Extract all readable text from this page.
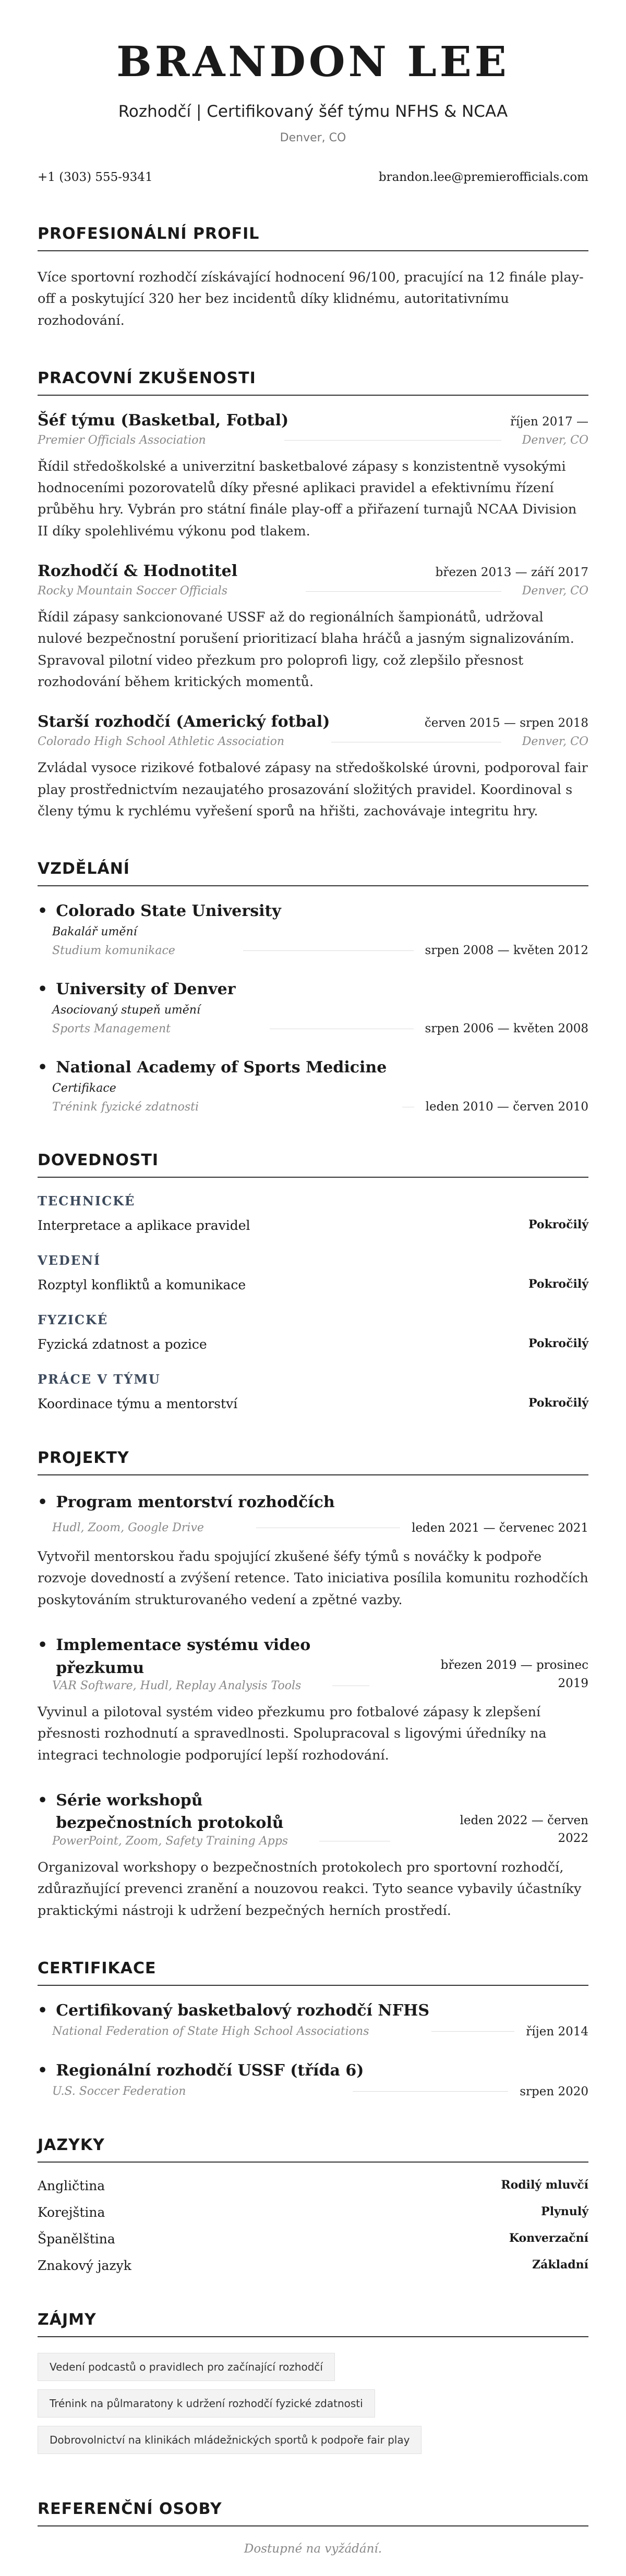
BRANDON LEE
Rozhodčí | Certifikovaný šéf týmu NFHS & NCAA
Denver, CO
+1 (303) 555-9341	brandon.lee@premierofficials.com
PROFESIONÁLNÍ PROFIL
Více sportovní rozhodčí získávající hodnocení 96/100, pracující na 12 finále play-off a poskytující 320 her bez incidentů díky klidnému, autoritativnímu rozhodování.
PRACOVNÍ ZKUŠENOSTI
Šéf týmu (Basketbal, Fotbal)	říjen 2017 —
Premier Officials Association	Denver, CO
Řídil středoškolské a univerzitní basketbalové zápasy s konzistentně vysokými hodnoceními pozorovatelů díky přesné aplikaci pravidel a efektivnímu řízení průběhu hry. Vybrán pro státní finále play-off a přiřazení turnajů NCAA Division II díky spolehlivému výkonu pod tlakem.
Rozhodčí & Hodnotitel	březen 2013 — září 2017
Rocky Mountain Soccer Officials	Denver, CO
Řídil zápasy sankcionované USSF až do regionálních šampionátů, udržoval nulové bezpečnostní porušení prioritizací blaha hráčů a jasným signalizováním. Spravoval pilotní video přezkum pro poloprofi ligy, což zlepšilo přesnost rozhodování během kritických momentů.
Starší rozhodčí (Americký fotbal)	červen 2015 — srpen 2018
Colorado High School Athletic Association	Denver, CO
Zvládal vysoce rizikové fotbalové zápasy na středoškolské úrovni, podporoval fair play prostřednictvím nezaujatého prosazování složitých pravidel. Koordinoval s členy týmu k rychlému vyřešení sporů na hřišti, zachovávaje integritu hry.
VZDĚLÁNÍ
• Colorado State University
Bakalář umění
Studium komunikace	srpen 2008 — květen 2012
• University of Denver
Asociovaný stupeň umění
Sports Management	srpen 2006 — květen 2008
• National Academy of Sports Medicine
Certifikace
Trénink fyzické zdatnosti	leden 2010 — červen 2010
DOVEDNOSTI
TECHNICKÉ
Interpretace a aplikace pravidel	Pokročilý
VEDENÍ
Rozptyl konfliktů a komunikace	Pokročilý
FYZICKÉ
Fyzická zdatnost a pozice	Pokročilý
PRÁCE V TÝMU
Koordinace týmu a mentorství	Pokročilý
PROJEKTY
• Program mentorství rozhodčích
Hudl, Zoom, Google Drive	leden 2021 — červenec 2021
Vytvořil mentorskou řadu spojující zkušené šéfy týmů s nováčky k podpoře rozvoje dovedností a zvýšení retence. Tato iniciativa posílila komunitu rozhodčích poskytováním strukturovaného vedení a zpětné vazby.
• Implementace systému video přezkumu
VAR Software, Hudl, Replay Analysis Tools
březen 2019 — prosinec 2019
Vyvinul a pilotoval systém video přezkumu pro fotbalové zápasy k zlepšení přesnosti rozhodnutí a spravedlnosti. Spolupracoval s ligovými úředníky na integraci technologie podporující lepší rozhodování.
• Série workshopů bezpečnostních protokolů
PowerPoint, Zoom, Safety Training Apps
leden 2022 — červen 2022
Organizoval workshopy o bezpečnostních protokolech pro sportovní rozhodčí, zdůrazňující prevenci zranění a nouzovou reakci. Tyto seance vybavily účastníky praktickými nástroji k udržení bezpečných herních prostředí.
CERTIFIKACE
• Certifikovaný basketbalový rozhodčí NFHS
National Federation of State High School Associations	říjen 2014
• Regionální rozhodčí USSF (třída 6)
U.S. Soccer Federation	srpen 2020
JAZYKY
Angličtina	Rodilý mluvčí
Korejština	Plynulý
Španělština	Konverzační
Znakový jazyk	Základní
ZÁJMY
Vedení podcastů o pravidlech pro začínající rozhodčí
Trénink na půlmaratony k udržení rozhodčí fyzické zdatnosti
Dobrovolnictví na klinikách mládežnických sportů k podpoře fair play
REFERENČNÍ OSOBY
Dostupné na vyžádání.
